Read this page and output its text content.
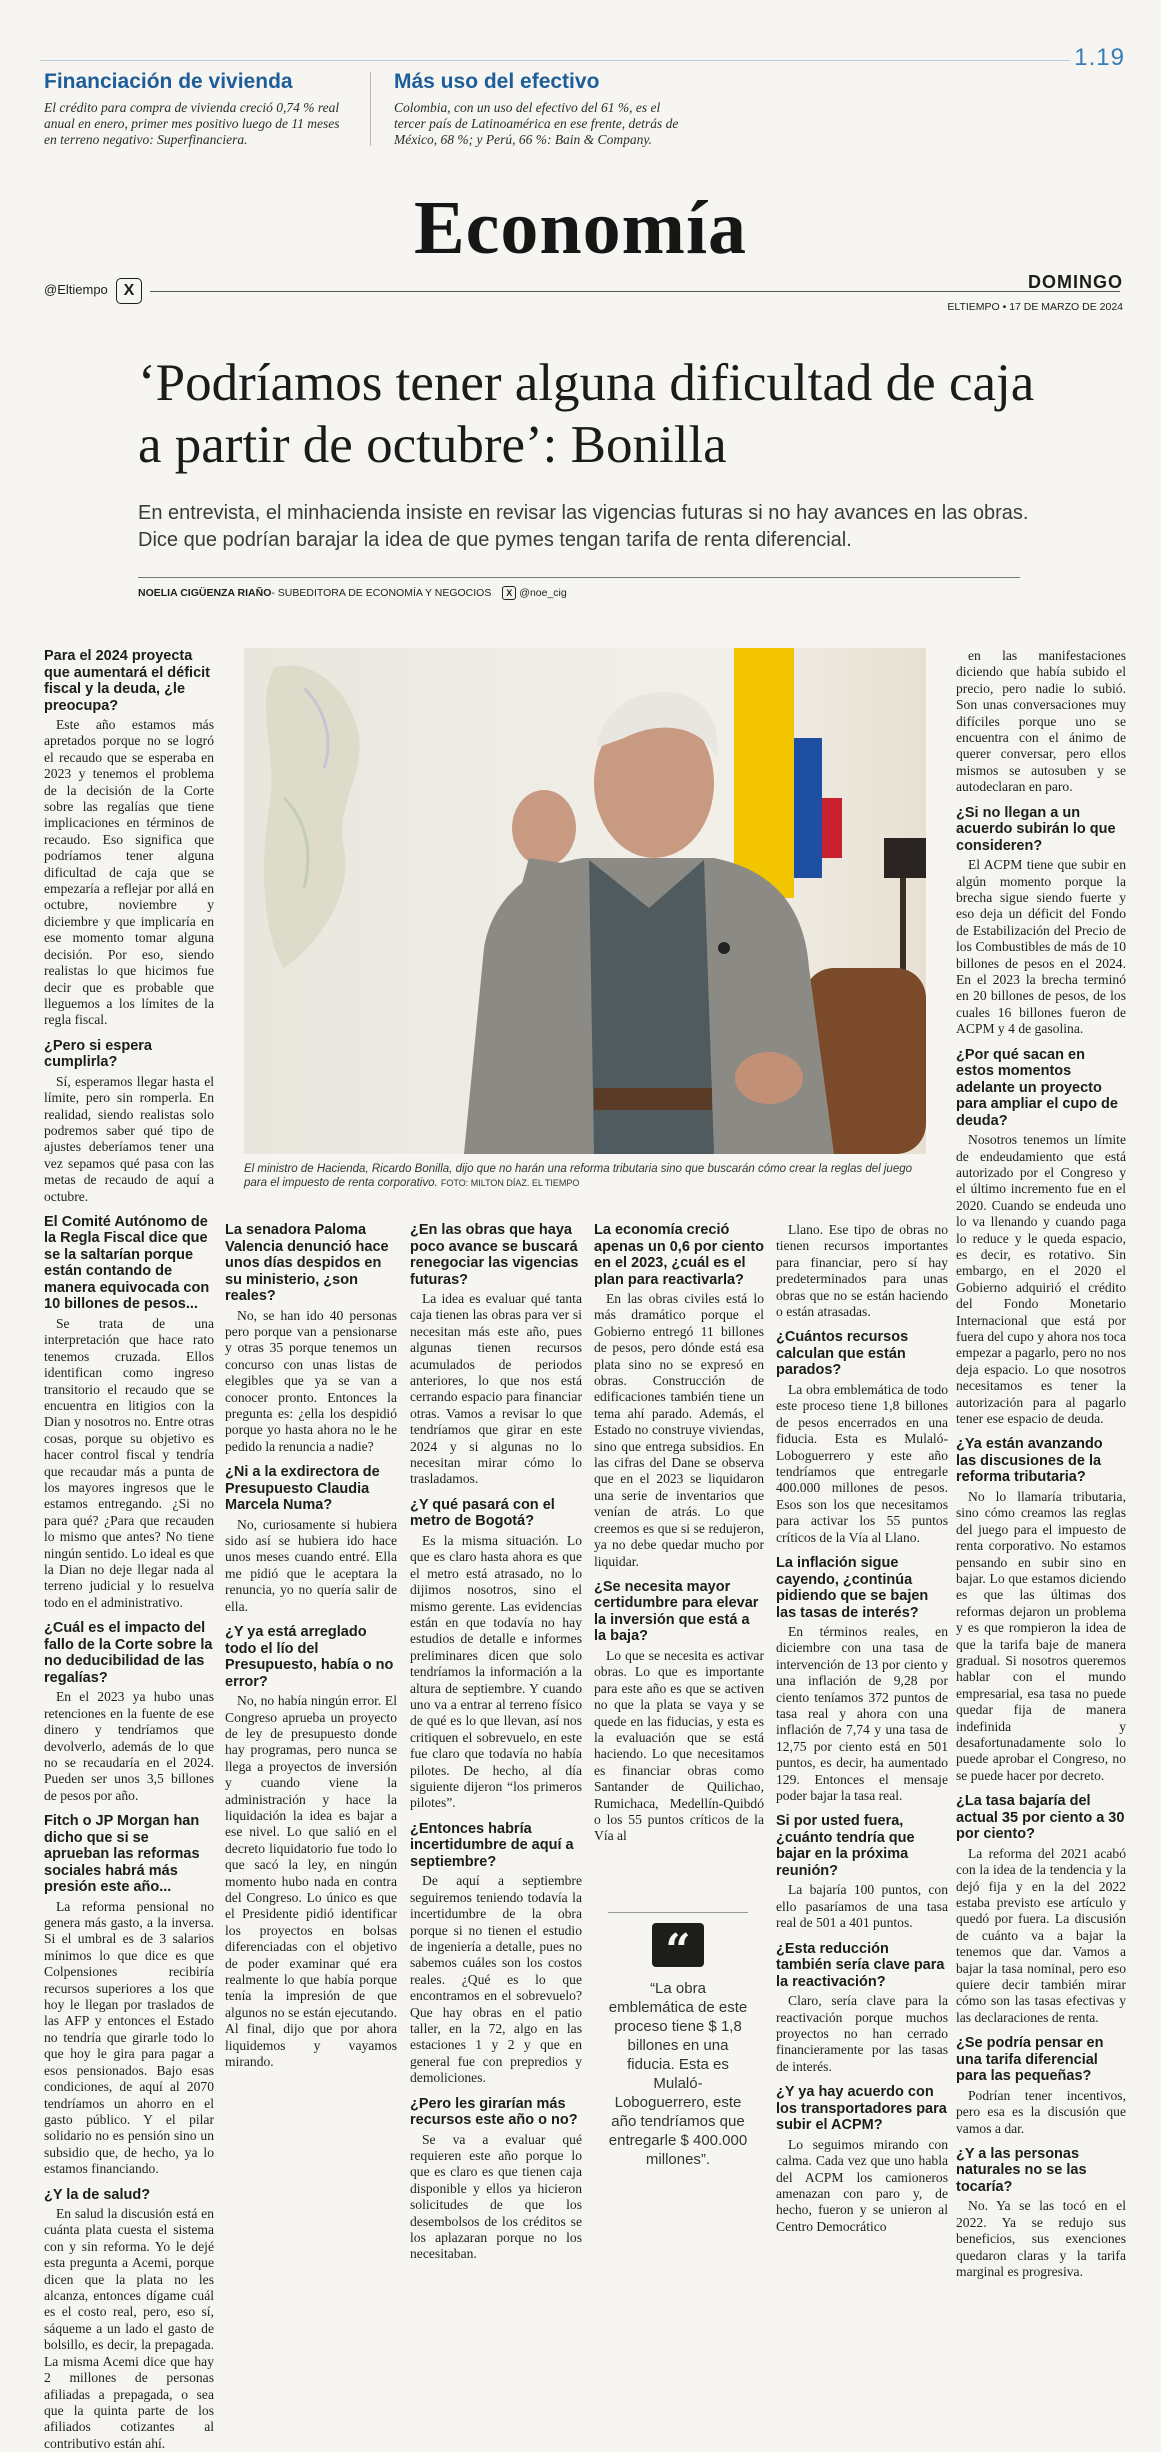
1.19
Financiación de vivienda

El crédito para compra de vivienda creció 0,74 % real anual en enero, primer mes positivo luego de 11 meses en terreno negativo: Superfinanciera.

Más uso del efectivo

Colombia, con un uso del efectivo del 61 %, es el tercer país de Latinoamérica en ese frente, detrás de México, 68 %; y Perú, 66 %: Bain & Company.

Economía
@Eltiempo X	DOMINGO
ELTIEMPO • 17 DE MARZO DE 2024
‘Podríamos tener alguna dificultad de caja a partir de octubre’: Bonilla

En entrevista, el minhacienda insiste en revisar las vigencias futuras si no hay avances en las obras. Dice que podrían barajar la idea de que pymes tengan tarifa de renta diferencial.

NOELIA CIGÜENZA RIAÑO- SUBEDITORA DE ECONOMÍA Y NEGOCIOS X @noe_cig
El ministro de Hacienda, Ricardo Bonilla, dijo que no harán una reforma tributaria sino que buscarán cómo crear la reglas del juego para el impuesto de renta corporativo. FOTO: MILTON DÍAZ. EL TIEMPO
Para el 2024 proyecta que aumentará el déficit fiscal y la deuda, ¿le preocupa?

Este año estamos más apretados porque no se logró el recaudo que se esperaba en 2023 y tenemos el problema de la decisión de la Corte sobre las regalías que tiene implicaciones en términos de recaudo. Eso significa que podríamos tener alguna dificultad de caja que se empezaría a reflejar por allá en octubre, noviembre y diciembre y que implicaría en ese momento tomar alguna decisión. Por eso, siendo realistas lo que hicimos fue decir que es probable que lleguemos a los límites de la regla fiscal.

¿Pero si espera cumplirla?

Sí, esperamos llegar hasta el límite, pero sin romperla. En realidad, siendo realistas solo podremos saber qué tipo de ajustes deberíamos tener una vez sepamos qué pasa con las metas de recaudo de aquí a octubre.

El Comité Autónomo de la Regla Fiscal dice que se la saltarían porque están contando de manera equivocada con 10 billones de pesos...

Se trata de una interpretación que hace rato tenemos cruzada. Ellos identifican como ingreso transitorio el recaudo que se encuentra en litigios con la Dian y nosotros no. Entre otras cosas, porque su objetivo es hacer control fiscal y tendría que recaudar más a punta de los mayores ingresos que le estamos entregando. ¿Si no para qué? ¿Para que recauden lo mismo que antes? No tiene ningún sentido. Lo ideal es que la Dian no deje llegar nada al terreno judicial y lo resuelva todo en el administrativo.

¿Cuál es el impacto del fallo de la Corte sobre la no deducibilidad de las regalías?

En el 2023 ya hubo unas retenciones en la fuente de ese dinero y tendríamos que devolverlo, además de lo que no se recaudaría en el 2024. Pueden ser unos 3,5 billones de pesos por año.

Fitch o JP Morgan han dicho que si se aprueban las reformas sociales habrá más presión este año...

La reforma pensional no genera más gasto, a la inversa. Si el umbral es de 3 salarios mínimos lo que dice es que Colpensiones recibiría recursos superiores a los que hoy le llegan por traslados de las AFP y entonces el Estado no tendría que girarle todo lo que hoy le gira para pagar a esos pensionados. Bajo esas condiciones, de aquí al 2070 tendríamos un ahorro en el gasto público. Y el pilar solidario no es pensión sino un subsidio que, de hecho, ya lo estamos financiando.

¿Y la de salud?

En salud la discusión está en cuánta plata cuesta el sistema con y sin reforma. Yo le dejé esta pregunta a Acemi, porque dicen que la plata no les alcanza, entonces dígame cuál es el costo real, pero, eso sí, sáqueme a un lado el gasto de bolsillo, es decir, la prepagada. La misma Acemi dice que hay 2 millones de personas afiliadas a prepagada, o sea que la quinta parte de los afiliados cotizantes al contributivo están ahí.

La senadora Paloma Valencia denunció hace unos días despidos en su ministerio, ¿son reales?

No, se han ido 40 personas pero porque van a pensionarse y otras 35 porque tenemos un concurso con unas listas de elegibles que ya se van a conocer pronto. Entonces la pregunta es: ¿ella los despidió porque yo hasta ahora no le he pedido la renuncia a nadie?

¿Ni a la exdirectora de Presupuesto Claudia Marcela Numa?

No, curiosamente si hubiera sido así se hubiera ido hace unos meses cuando entré. Ella me pidió que le aceptara la renuncia, yo no quería salir de ella.

¿Y ya está arreglado todo el lío del Presupuesto, había o no error?

No, no había ningún error. El Congreso aprueba un proyecto de ley de presupuesto donde hay programas, pero nunca se llega a proyectos de inversión y cuando viene la administración y hace la liquidación la idea es bajar a ese nivel. Lo que salió en el decreto liquidatorio fue todo lo que sacó la ley, en ningún momento hubo nada en contra del Congreso. Lo único es que el Presidente pidió identificar los proyectos en bolsas diferenciadas con el objetivo de poder examinar qué era realmente lo que había porque tenía la impresión de que algunos no se están ejecutando. Al final, dijo que por ahora liquidemos y vayamos mirando.

¿En las obras que haya poco avance se buscará renegociar las vigencias futuras?

La idea es evaluar qué tanta caja tienen las obras para ver si necesitan más este año, pues algunas tienen recursos acumulados de periodos anteriores, lo que nos está cerrando espacio para financiar otras. Vamos a revisar lo que tendríamos que girar en este 2024 y si algunas no lo necesitan mirar cómo lo trasladamos.

¿Y qué pasará con el metro de Bogotá?

Es la misma situación. Lo que es claro hasta ahora es que el metro está atrasado, no lo dijimos nosotros, sino el mismo gerente. Las evidencias están en que todavía no hay estudios de detalle e informes preliminares dicen que solo tendríamos la información a la altura de septiembre. Y cuando uno va a entrar al terreno físico de qué es lo que llevan, así nos critiquen el sobrevuelo, en este fue claro que todavía no había pilotes. De hecho, al día siguiente dijeron “los primeros pilotes”.

¿Entonces habría incertidumbre de aquí a septiembre?

De aquí a septiembre seguiremos teniendo todavía la incertidumbre de la obra porque si no tienen el estudio de ingeniería a detalle, pues no sabemos cuáles son los costos reales. ¿Qué es lo que encontramos en el sobrevuelo? Que hay obras en el patio taller, en la 72, algo en las estaciones 1 y 2 y que en general fue con prepredios y demoliciones.

¿Pero les girarían más recursos este año o no?

Se va a evaluar qué requieren este año porque lo que es claro es que tienen caja disponible y ellos ya hicieron solicitudes de que los desembolsos de los créditos se los aplazaran porque no los necesitaban.

La economía creció apenas un 0,6 por ciento en el 2023, ¿cuál es el plan para reactivarla?

En las obras civiles está lo más dramático porque el Gobierno entregó 11 billones de pesos, pero dónde está esa plata sino no se expresó en obras. Construcción de edificaciones también tiene un tema ahí parado. Además, el Estado no construye viviendas, sino que entrega subsidios. En las cifras del Dane se observa que en el 2023 se liquidaron una serie de inventarios que venían de atrás. Lo que creemos es que si se redujeron, ya no debe quedar mucho por liquidar.

¿Se necesita mayor certidumbre para elevar la inversión que está a la baja?

Lo que se necesita es activar obras. Lo que es importante para este año es que se activen no que la plata se vaya y se quede en las fiducias, y esta es la evaluación que se está haciendo. Lo que necesitamos es financiar obras como Santander de Quilichao, Rumichaca, Medellín-Quibdó o los 55 puntos críticos de la Vía al

Llano. Ese tipo de obras no tienen recursos importantes para financiar, pero sí hay predeterminados para unas obras que no se están haciendo o están atrasadas.

¿Cuántos recursos calculan que están parados?

La obra emblemática de todo este proceso tiene 1,8 billones de pesos encerrados en una fiducia. Esta es Mulaló-Loboguerrero y este año tendríamos que entregarle 400.000 millones de pesos. Esos son los que necesitamos para activar los 55 puntos críticos de la Vía al Llano.

La inflación sigue cayendo, ¿continúa pidiendo que se bajen las tasas de interés?

En términos reales, en diciembre con una tasa de intervención de 13 por ciento y una inflación de 9,28 por ciento teníamos 372 puntos de tasa real y ahora con una inflación de 7,74 y una tasa de 12,75 por ciento está en 501 puntos, es decir, ha aumentado 129. Entonces el mensaje poder bajar la tasa real.

Si por usted fuera, ¿cuánto tendría que bajar en la próxima reunión?

La bajaría 100 puntos, con ello pasaríamos de una tasa real de 501 a 401 puntos.

¿Esta reducción también sería clave para la reactivación?

Claro, sería clave para la reactivación porque muchos proyectos no han cerrado financieramente por las tasas de interés.

¿Y ya hay acuerdo con los transportadores para subir el ACPM?

Lo seguimos mirando con calma. Cada vez que uno habla del ACPM los camioneros amenazan con paro y, de hecho, fueron y se unieron al Centro Democrático

en las manifestaciones diciendo que había subido el precio, pero nadie lo subió. Son unas conversaciones muy difíciles porque uno se encuentra con el ánimo de querer conversar, pero ellos mismos se autosuben y se autodeclaran en paro.

¿Si no llegan a un acuerdo subirán lo que consideren?

El ACPM tiene que subir en algún momento porque la brecha sigue siendo fuerte y eso deja un déficit del Fondo de Estabilización del Precio de los Combustibles de más de 10 billones de pesos en el 2024. En el 2023 la brecha terminó en 20 billones de pesos, de los cuales 16 billones fueron de ACPM y 4 de gasolina.

¿Por qué sacan en estos momentos adelante un proyecto para ampliar el cupo de deuda?

Nosotros tenemos un límite de endeudamiento que está autorizado por el Congreso y el último incremento fue en el 2020. Cuando se endeuda uno lo va llenando y cuando paga lo reduce y le queda espacio, es decir, es rotativo. Sin embargo, en el 2020 el Gobierno adquirió el crédito del Fondo Monetario Internacional que está por fuera del cupo y ahora nos toca empezar a pagarlo, pero no nos deja espacio. Lo que nosotros necesitamos es tener la autorización para al pagarlo tener ese espacio de deuda.

¿Ya están avanzando las discusiones de la reforma tributaria?

No lo llamaría tributaria, sino cómo creamos las reglas del juego para el impuesto de renta corporativo. No estamos pensando en subir sino en bajar. Lo que estamos diciendo es que las últimas dos reformas dejaron un problema y es que rompieron la idea de que la tarifa baje de manera gradual. Si nosotros queremos hablar con el mundo empresarial, esa tasa no puede quedar fija de manera indefinida y desafortunadamente solo lo puede aprobar el Congreso, no se puede hacer por decreto.

¿La tasa bajaría del actual 35 por ciento a 30 por ciento?

La reforma del 2021 acabó con la idea de la tendencia y la dejó fija y en la del 2022 estaba previsto ese artículo y quedó por fuera. La discusión de cuánto va a bajar la tenemos que dar. Vamos a bajar la tasa nominal, pero eso quiere decir también mirar cómo son las tasas efectivas y las declaraciones de renta.

¿Se podría pensar en una tarifa diferencial para las pequeñas?

Podrían tener incentivos, pero esa es la discusión que vamos a dar.

¿Y a las personas naturales no se las tocaría?

No. Ya se las tocó en el 2022. Ya se redujo sus beneficios, sus exenciones quedaron claras y la tarifa marginal es progresiva.

“
“La obra emblemática de este proceso tiene $ 1,8 billones en una fiducia. Esta es Mulaló-Loboguerrero, este año tendríamos que entregarle $ 400.000 millones”.
